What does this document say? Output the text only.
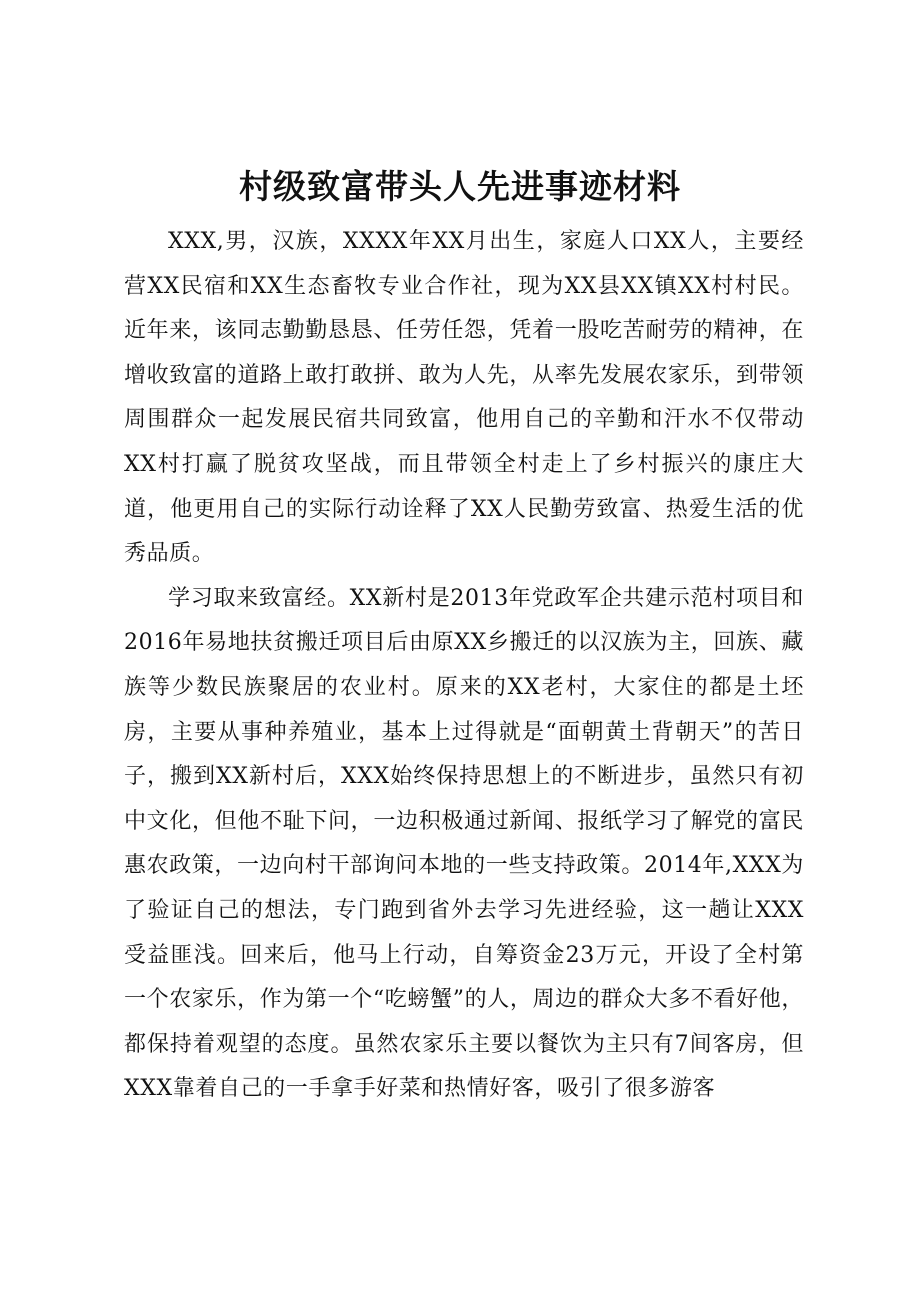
村级致富带头人先进事迹材料

XXX,男，汉族，XXXX年XX月出生，家庭人口XX人，主要经营XX民宿和XX生态畜牧专业合作社，现为XX县XX镇XX村村民。近年来，该同志勤勤恳恳、任劳任怨，凭着一股吃苦耐劳的精神，在增收致富的道路上敢打敢拼、敢为人先，从率先发展农家乐，到带领周围群众一起发展民宿共同致富，他用自己的辛勤和汗水不仅带动XX村打赢了脱贫攻坚战，而且带领全村走上了乡村振兴的康庄大道，他更用自己的实际行动诠释了XX人民勤劳致富、热爱生活的优秀品质。

学习取来致富经。XX新村是2013年党政军企共建示范村项目和2016年易地扶贫搬迁项目后由原XX乡搬迁的以汉族为主，回族、藏族等少数民族聚居的农业村。原来的XX老村，大家住的都是土坯房，主要从事种养殖业，基本上过得就是“面朝黄土背朝天”的苦日子，搬到XX新村后，XXX始终保持思想上的不断进步，虽然只有初中文化，但他不耻下问，一边积极通过新闻、报纸学习了解党的富民惠农政策，一边向村干部询问本地的一些支持政策。2014年,XXX为了验证自己的想法，专门跑到省外去学习先进经验，这一趟让XXX受益匪浅。回来后，他马上行动，自筹资金23万元，开设了全村第一个农家乐，作为第一个“吃螃蟹”的人，周边的群众大多不看好他，都保持着观望的态度。虽然农家乐主要以餐饮为主只有7间客房，但XXX靠着自己的一手拿手好菜和热情好客，吸引了很多游客
